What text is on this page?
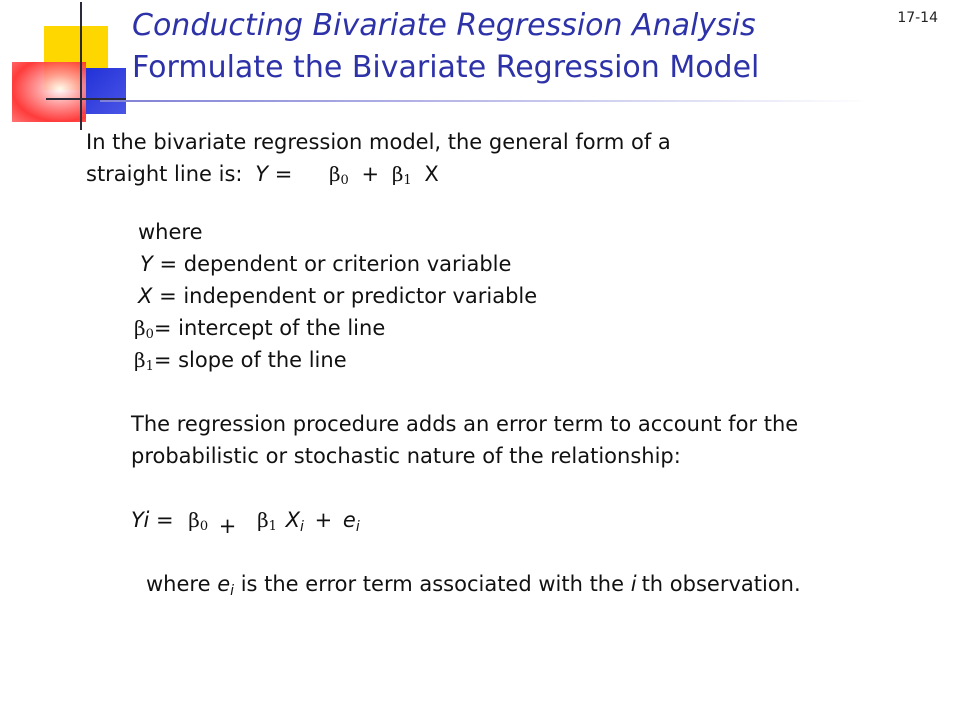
17-14
Conducting Bivariate Regression Analysis
Formulate the Bivariate Regression Model
In the bivariate regression model, the general form of a
straight line is: $Y = \beta_0 + \beta_1$ X
where
Y = dependent or criterion variable
X = independent or predictor variable
$\beta_0=$ intercept of the line
$\beta_1=$ slope of the line
The regression procedure adds an error term to account for the
probabilistic or stochastic nature of the relationship:
$Yi = \beta_0 + \beta_1$ $X_i + e_i$
where $e_i$ is the error term associated with the i th observation.
